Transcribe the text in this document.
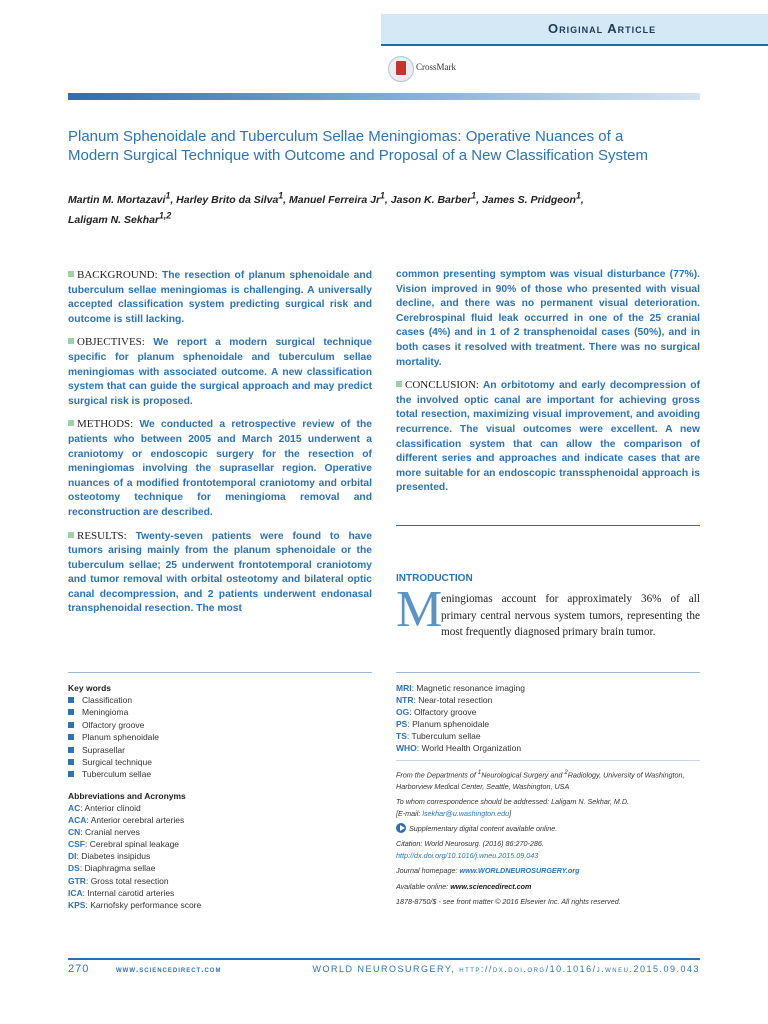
Original Article
CrossMark
Planum Sphenoidale and Tuberculum Sellae Meningiomas: Operative Nuances of a Modern Surgical Technique with Outcome and Proposal of a New Classification System
Martin M. Mortazavi$^1$, Harley Brito da Silva$^1$, Manuel Ferreira Jr$^1$, Jason K. Barber$^1$, James S. Pridgeon$^1$,
Laligam N. Sekhar$^{1,2}$

BACKGROUND: The resection of planum sphenoidale and tuberculum sellae meningiomas is challenging. A universally accepted classification system predicting surgical risk and outcome is still lacking.

OBJECTIVES: We report a modern surgical technique specific for planum sphenoidale and tuberculum sellae meningiomas with associated outcome. A new classification system that can guide the surgical approach and may predict surgical risk is proposed.

METHODS: We conducted a retrospective review of the patients who between 2005 and March 2015 underwent a craniotomy or endoscopic surgery for the resection of meningiomas involving the suprasellar region. Operative nuances of a modified frontotemporal craniotomy and orbital osteotomy technique for meningioma removal and reconstruction are described.

RESULTS: Twenty-seven patients were found to have tumors arising mainly from the planum sphenoidale or the tuberculum sellae; 25 underwent frontotemporal craniotomy and tumor removal with orbital osteotomy and bilateral optic canal decompression, and 2 patients underwent endonasal transphenoidal resection. The most

common presenting symptom was visual disturbance (77%). Vision improved in 90% of those who presented with visual decline, and there was no permanent visual deterioration. Cerebrospinal fluid leak occurred in one of the 25 cranial cases (4%) and in 1 of 2 transphenoidal cases (50%), and in both cases it resolved with treatment. There was no surgical mortality.

CONCLUSION: An orbitotomy and early decompression of the involved optic canal are important for achieving gross total resection, maximizing visual improvement, and avoiding recurrence. The visual outcomes were excellent. A new classification system that can allow the comparison of different series and approaches and indicate cases that are more suitable for an endoscopic transsphenoidal approach is presented.

INTRODUCTION
M
eningiomas account for approximately 36% of all primary central nervous system tumors, representing the most frequently diagnosed primary brain tumor.
Key words
Classification
Meningioma
Olfactory groove
Planum sphenoidale
Suprasellar
Surgical technique
Tuberculum sellae
Abbreviations and Acronyms
AC: Anterior clinoid
ACA: Anterior cerebral arteries
CN: Cranial nerves
CSF: Cerebral spinal leakage
DI: Diabetes insipidus
DS: Diaphragma sellae
GTR: Gross total resection
ICA: Internal carotid arteries
KPS: Karnofsky performance score
MRI: Magnetic resonance imaging
NTR: Near-total resection
OG: Olfactory groove
PS: Planum sphenoidale
TS: Tuberculum sellae
WHO: World Health Organization

From the Departments of $^1$Neurological Surgery and $^2$Radiology, University of Washington, Harborview Medical Center, Seattle, Washington, USA

To whom correspondence should be addressed: Laligam N. Sekhar, M.D.
[E-mail: lsekhar@u.washington.edu]

Supplementary digital content available online.

Citation: World Neurosurg. (2016) 86:270-286.
http://dx.doi.org/10.1016/j.wneu.2015.09.043

Journal homepage: www.WORLDNEUROSURGERY.org

Available online: www.sciencedirect.com

1878-8750/$ - see front matter © 2016 Elsevier Inc. All rights reserved.

270	www.sciencedirect.com	WORLD NEUROSURGERY, http://dx.doi.org/10.1016/j.wneu.2015.09.043
